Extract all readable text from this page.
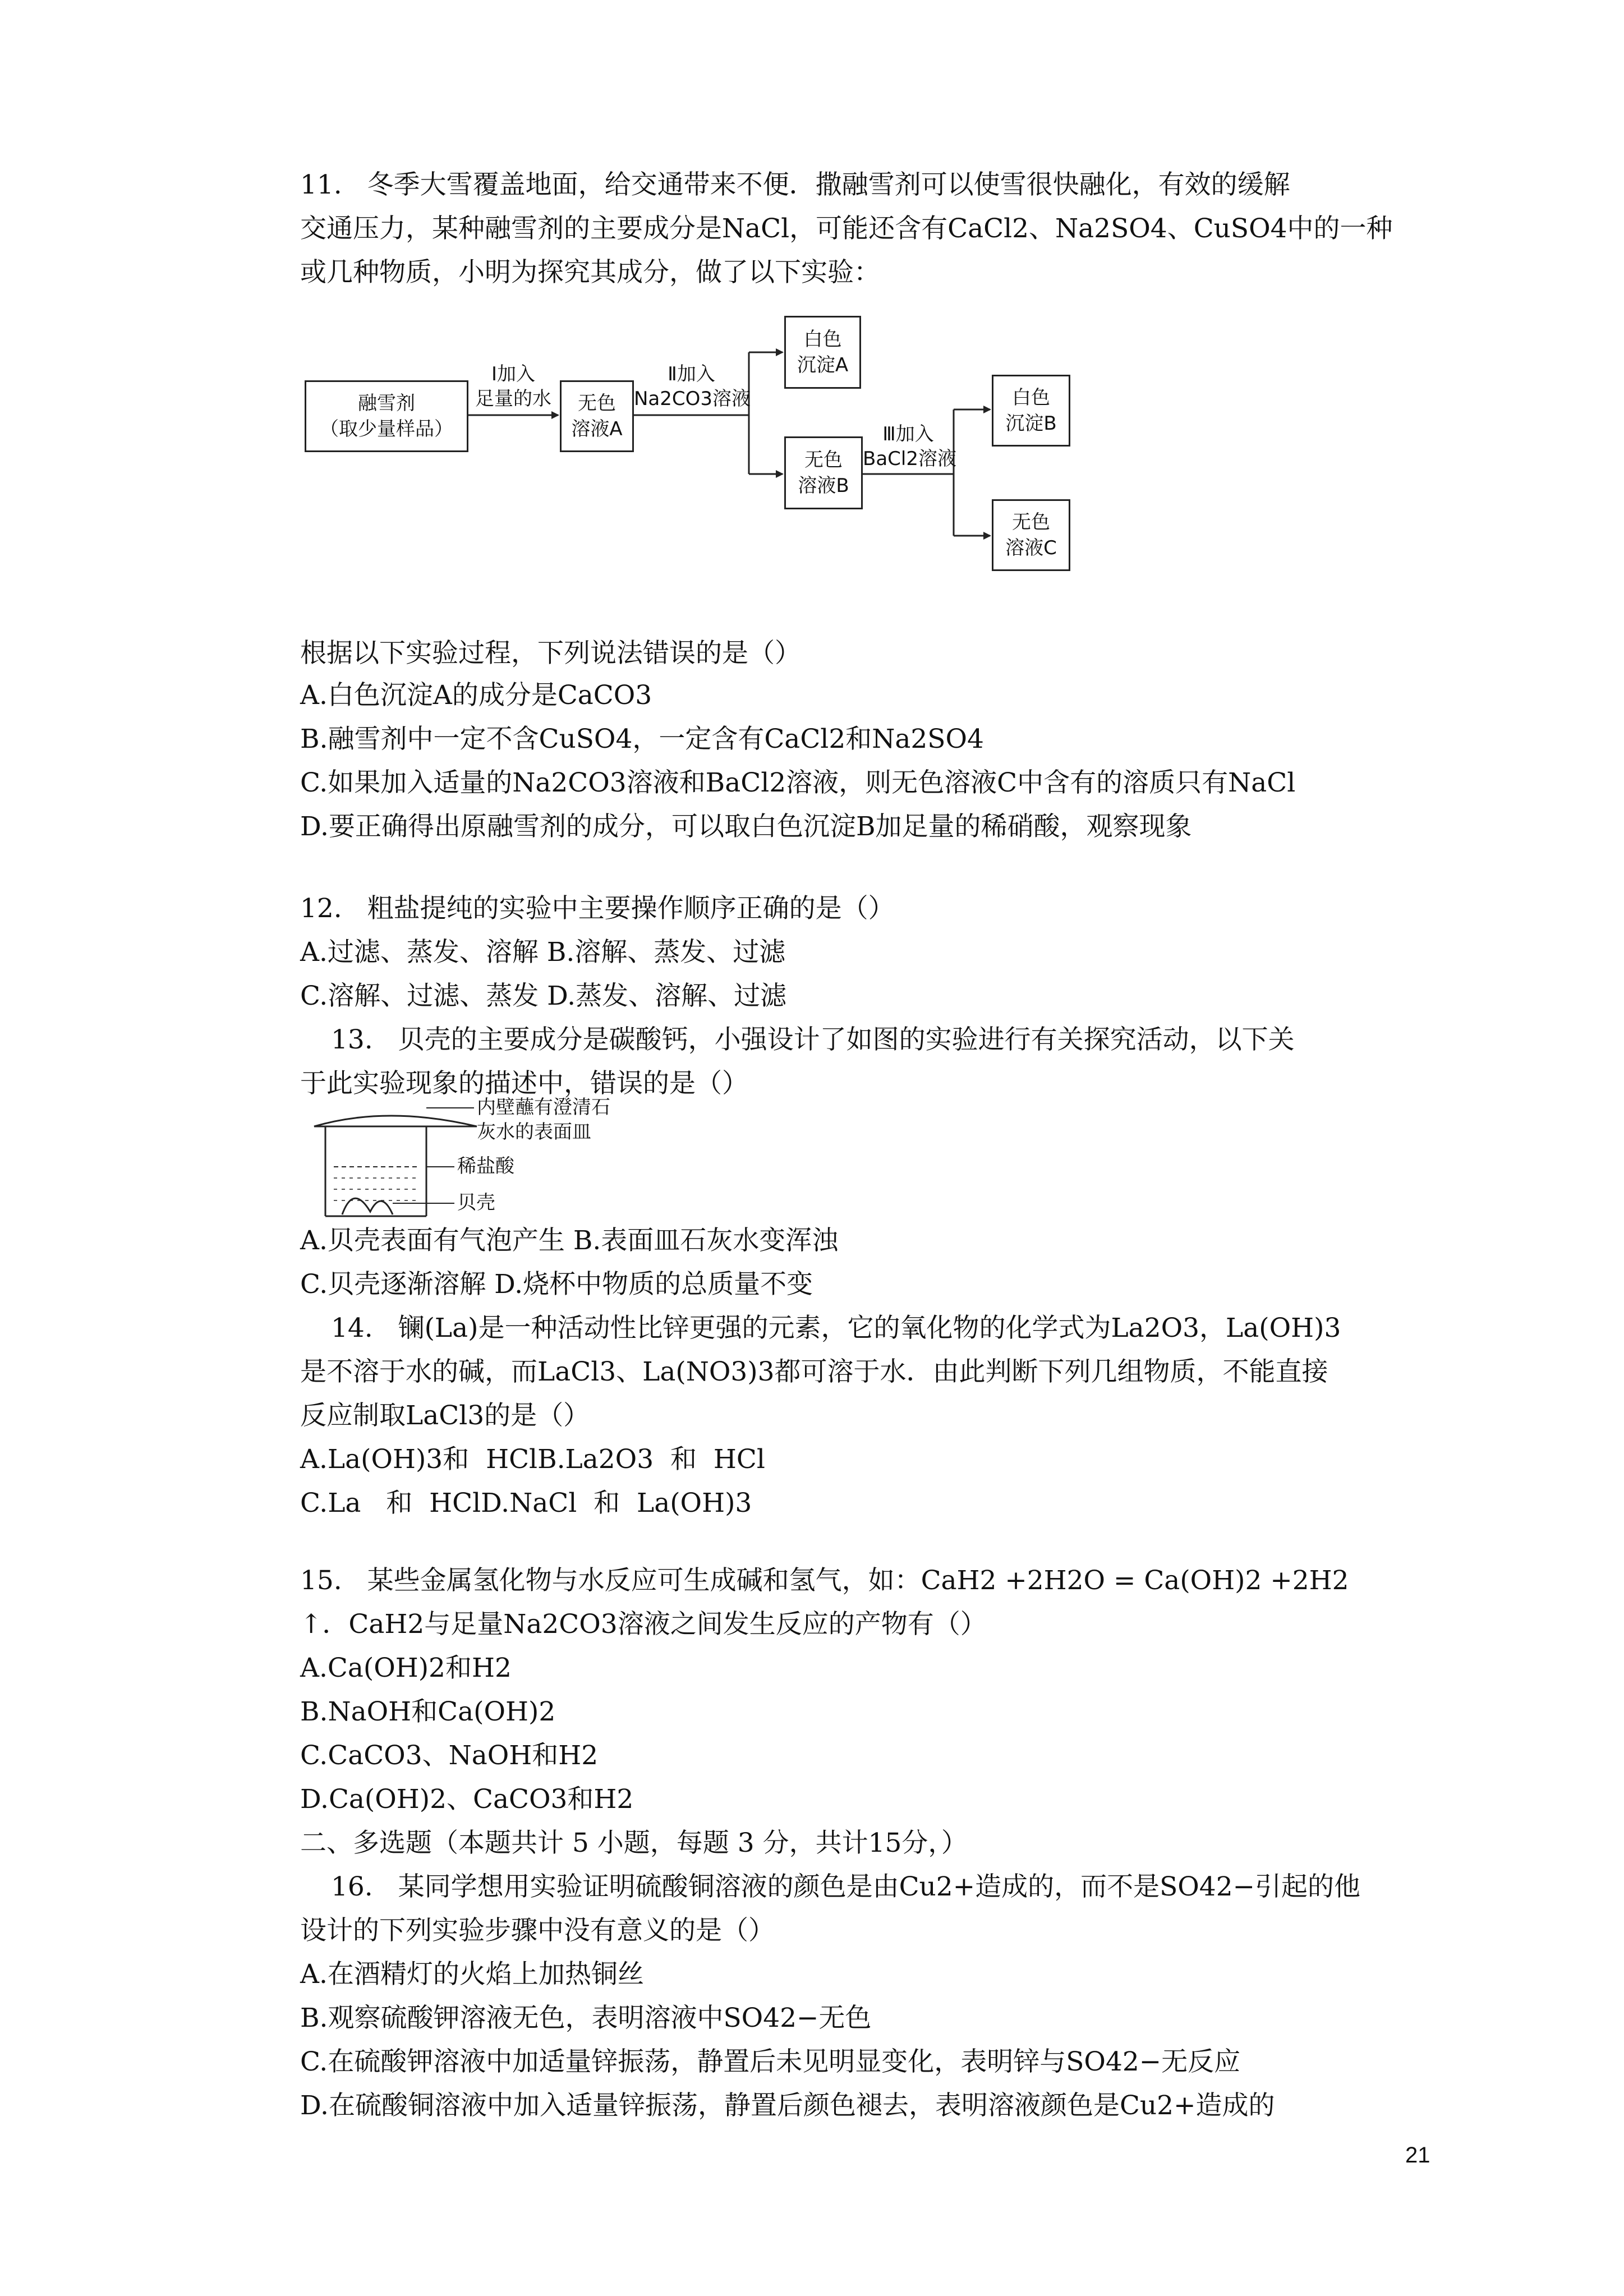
11.   冬季大雪覆盖地面，给交通带来不便．撒融雪剂可以使雪很快融化，有效的缓解
交通压力，某种融雪剂的主要成分是NaCl，可能还含有CaCl2、Na2SO4、CuSO4中的一种
或几种物质，小明为探究其成分，做了以下实验：
融雪剂
（取少量样品）
Ⅰ加入
足量的水	无色
溶液A
Ⅱ加入
Na2CO3溶液
白色
沉淀A
无色
溶液B
Ⅲ加入
BaCl2溶液
白色
沉淀B
无色
溶液C
根据以下实验过程，下列说法错误的是（）
A.白色沉淀A的成分是CaCO3
B.融雪剂中一定不含CuSO4，一定含有CaCl2和Na2SO4
C.如果加入适量的Na2CO3溶液和BaCl2溶液，则无色溶液C中含有的溶质只有NaCl
D.要正确得出原融雪剂的成分，可以取白色沉淀B加足量的稀硝酸，观察现象
12.   粗盐提纯的实验中主要操作顺序正确的是（）
A.过滤、蒸发、溶解 B.溶解、蒸发、过滤
C.溶解、过滤、蒸发 D.蒸发、溶解、过滤
13.   贝壳的主要成分是碳酸钙，小强设计了如图的实验进行有关探究活动，以下关
于此实验现象的描述中，错误的是（）
内壁蘸有澄清石
灰水的表面皿
稀盐酸
贝壳
A.贝壳表面有气泡产生 B.表面皿石灰水变浑浊
C.贝壳逐渐溶解 D.烧杯中物质的总质量不变
14.   镧(La)是一种活动性比锌更强的元素，它的氧化物的化学式为La2O3，La(OH)3
是不溶于水的碱，而LaCl3、La(NO3)3都可溶于水．由此判断下列几组物质，不能直接
反应制取LaCl3的是（）
A.La(OH)3和  HClB.La2O3  和  HCl
C.La   和  HClD.NaCl  和  La(OH)3
15.   某些金属氢化物与水反应可生成碱和氢气，如：CaH2 +2H2O = Ca(OH)2 +2H2
↑．CaH2与足量Na2CO3溶液之间发生反应的产物有（）
A.Ca(OH)2和H2
B.NaOH和Ca(OH)2
C.CaCO3、NaOH和H2
D.Ca(OH)2、CaCO3和H2
二、多选题（本题共计 5 小题，每题 3 分，共计15分，）
16.   某同学想用实验证明硫酸铜溶液的颜色是由Cu2+造成的，而不是SO42−引起的他
设计的下列实验步骤中没有意义的是（）
A.在酒精灯的火焰上加热铜丝
B.观察硫酸钾溶液无色，表明溶液中SO42−无色
C.在硫酸钾溶液中加适量锌振荡，静置后未见明显变化，表明锌与SO42−无反应
D.在硫酸铜溶液中加入适量锌振荡，静置后颜色褪去，表明溶液颜色是Cu2+造成的
21
